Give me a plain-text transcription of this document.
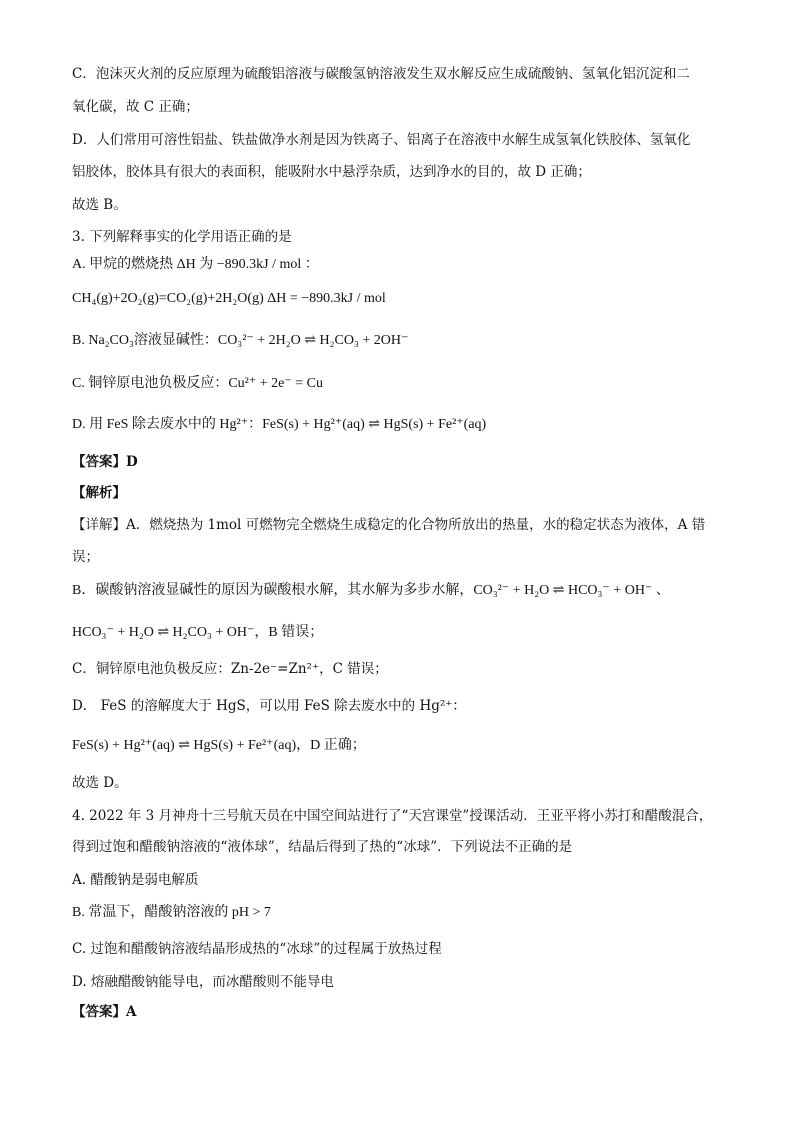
C．泡沫灭火剂的反应原理为硫酸铝溶液与碳酸氢钠溶液发生双水解反应生成硫酸钠、氢氧化铝沉淀和二
氧化碳，故 C 正确；
D．人们常用可溶性铝盐、铁盐做净水剂是因为铁离子、铝离子在溶液中水解生成氢氧化铁胶体、氢氧化
铝胶体，胶体具有很大的表面积，能吸附水中悬浮杂质，达到净水的目的，故 D 正确；
故选 B。
3. 下列解释事实的化学用语正确的是
A. 甲烷的燃烧热 ΔH 为 −890.3kJ / mol ：
CH₄(g)+2O₂(g)=CO₂(g)+2H₂O(g) ΔH = −890.3kJ / mol
B. Na₂CO₃溶液显碱性：CO₃²⁻ + 2H₂O ⇌ H₂CO₃ + 2OH⁻
C. 铜锌原电池负极反应：Cu²⁺ + 2e⁻ = Cu
D. 用 FeS 除去废水中的 Hg²⁺：FeS(s) + Hg²⁺(aq) ⇌ HgS(s) + Fe²⁺(aq)
【答案】D
【解析】
【详解】A．燃烧热为 1mol 可燃物完全燃烧生成稳定的化合物所放出的热量，水的稳定状态为液体，A 错
误；
B．碳酸钠溶液显碱性的原因为碳酸根水解，其水解为多步水解，CO₃²⁻ + H₂O ⇌ HCO₃⁻ + OH⁻ 、
HCO₃⁻ + H₂O ⇌ H₂CO₃ + OH⁻，B 错误；
C．铜锌原电池负极反应：Zn-2e⁻=Zn²⁺，C 错误；
D． FeS 的溶解度大于 HgS，可以用 FeS 除去废水中的 Hg²⁺：
FeS(s) + Hg²⁺(aq) ⇌ HgS(s) + Fe²⁺(aq)，D 正确；
故选 D。
4. 2022 年 3 月神舟十三号航天员在中国空间站进行了“天宫课堂”授课活动．王亚平将小苏打和醋酸混合，
得到过饱和醋酸钠溶液的“液体球”，结晶后得到了热的“冰球”．下列说法不正确的是
A. 醋酸钠是弱电解质
B. 常温下，醋酸钠溶液的 pH > 7
C. 过饱和醋酸钠溶液结晶形成热的“冰球”的过程属于放热过程
D. 熔融醋酸钠能导电，而冰醋酸则不能导电
【答案】A
